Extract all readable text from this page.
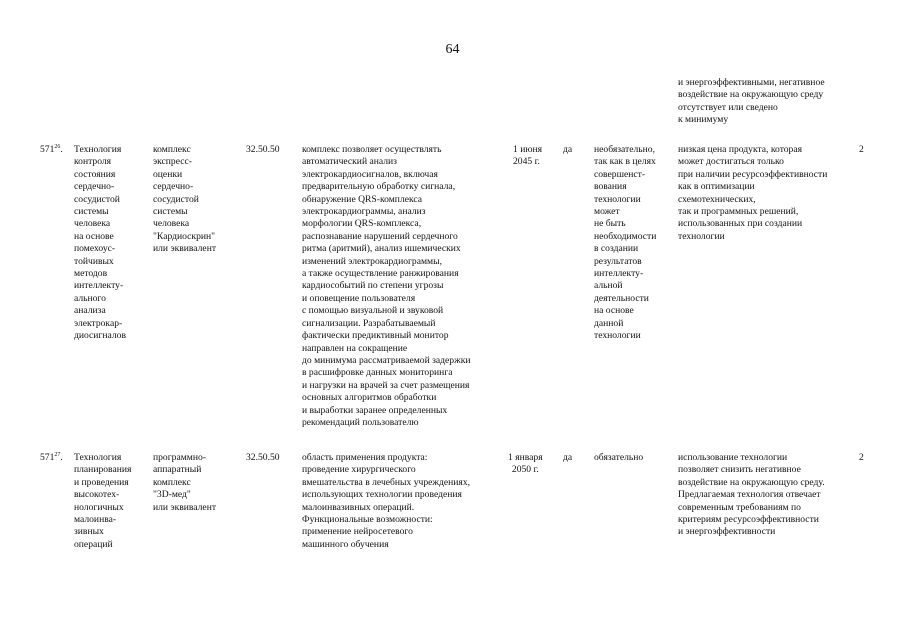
64

и энергоэффективными, негативное
воздействие на окружающую среду
отсутствует или сведено
к минимуму

$571^{26}$. Технология
контроля
состояния
сердечно-
сосудистой
системы
человека
на основе
помехоус-
тойчивых
методов
интеллекту-
ального
анализа
электрокар-
диосигналов

комплекс
экспресс-
оценки
сердечно-
сосудистой
системы
человека
"Кардиоскрин"
или эквивалент

32.50.50 комплекс позволяет осуществлять
автоматический анализ
электрокардиосигналов, включая
предварительную обработку сигнала,
обнаружение QRS-комплекса
электрокардиограммы, анализ
морфологии QRS-комплекса,
распознавание нарушений сердечного
ритма (аритмий), анализ ишемических
изменений электрокардиограммы,
а также осуществление ранжирования
кардиособытий по степени угрозы
и оповещение пользователя
с помощью визуальной и звуковой
сигнализации. Разрабатываемый
фактически предиктивный монитор
направлен на сокращение
до минимума рассматриваемой задержки
в расшифровке данных мониторинга
и нагрузки на врачей за счет размещения
основных алгоритмов обработки
и выработки заранее определенных
рекомендаций пользователю

1 июня
2045 г.

да необязательно,
так как в целях
совершенст-
вования
технологии
может
не быть
необходимости
в создании
результатов
интеллекту-
альной
деятельности
на основе
данной
технологии

низкая цена продукта, которая
может достигаться только
при наличии ресурсоэффективности
как в оптимизации
схемотехнических,
так и программных решений,
использованных при создании
технологии

2

$571^{27}$. Технология
планирования
и проведения
высокотех-
нологичных
малоинва-
зивных
операций

программно-
аппаратный
комплекс
"3D-мед"
или эквивалент

32.50.50 область применения продукта:
проведение хирургического
вмешательства в лечебных учреждениях,
использующих технологии проведения
малоинвазивных операций.
Функциональные возможности:
применение нейросетевого
машинного обучения

1 января
2050 г.

да обязательно	использование технологии
позволяет снизить негативное
воздействие на окружающую среду.
Предлагаемая технология отвечает
современным требованиям по
критериям ресурсоэффективности
и энергоэффективности

2
